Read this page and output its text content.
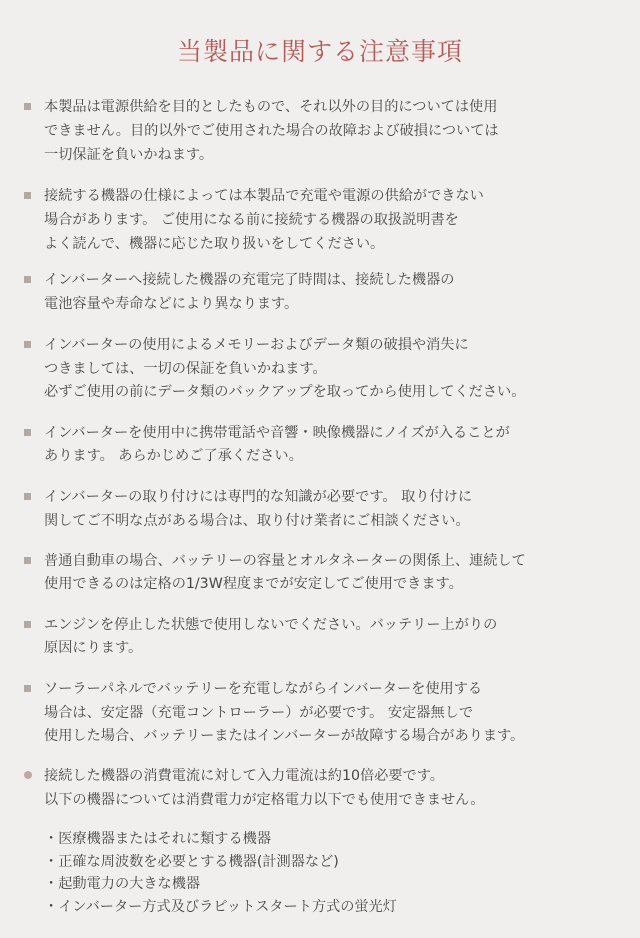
当製品に関する注意事項
本製品は電源供給を目的としたもので、それ以外の目的については使用
できません。目的以外でご使用された場合の故障および破損については
一切保証を負いかねます。
接続する機器の仕様によっては本製品で充電や電源の供給ができない
場合があります。 ご使用になる前に接続する機器の取扱説明書を
よく読んで、機器に応じた取り扱いをしてください。
インバーターへ接続した機器の充電完了時間は、接続した機器の
電池容量や寿命などにより異なります。
インバーターの使用によるメモリーおよびデータ類の破損や消失に
つきましては、一切の保証を負いかねます。
必ずご使用の前にデータ類のバックアップを取ってから使用してください。
インバーターを使用中に携帯電話や音響・映像機器にノイズが入ることが
あります。 あらかじめご了承ください。
インバーターの取り付けには専門的な知識が必要です。 取り付けに
関してご不明な点がある場合は、取り付け業者にご相談ください。
普通自動車の場合、バッテリーの容量とオルタネーターの関係上、連続して
使用できるのは定格の1/3W程度までが安定してご使用できます。
エンジンを停止した状態で使用しないでください。バッテリー上がりの
原因にります。
ソーラーパネルでバッテリーを充電しながらインバーターを使用する
場合は、安定器（充電コントローラー）が必要です。 安定器無しで
使用した場合、バッテリーまたはインバーターが故障する場合があります。
接続した機器の消費電流に対して入力電流は約10倍必要です。
以下の機器については消費電力が定格電力以下でも使用できません。
・医療機器またはそれに類する機器
・正確な周波数を必要とする機器(計測器など)
・起動電力の大きな機器
・インバーター方式及びラピットスタート方式の蛍光灯
